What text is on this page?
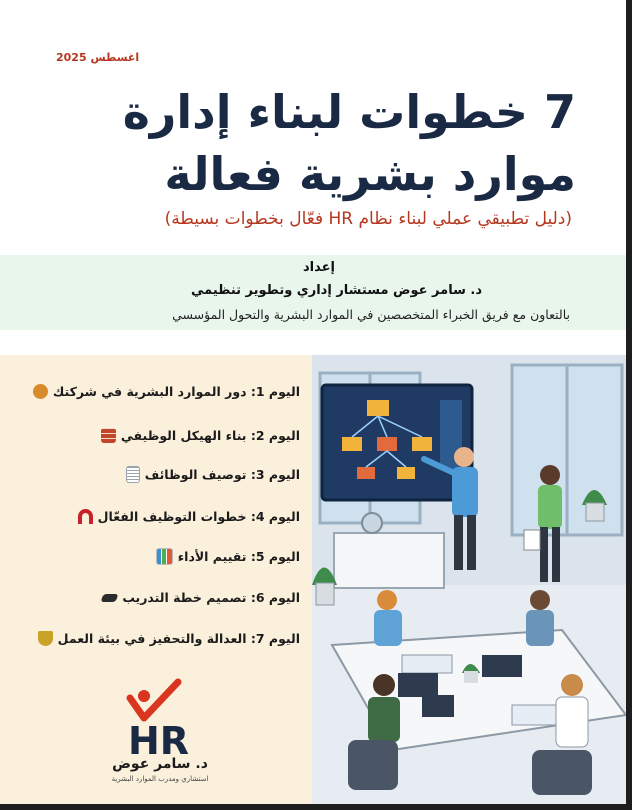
اغسطس 2025
7 خطوات لبناء إدارة
موارد بشرية فعالة
(دليل تطبيقي عملي لبناء نظام HR فعّال بخطوات بسيطة)
إعداد
د. سامر عوض مستشار إداري وتطوير تنظيمي
بالتعاون مع فريق الخبراء المتخصصين في الموارد البشرية والتحول المؤسسي
اليوم 1: دور الموارد البشرية في شركتك
اليوم 2: بناء الهيكل الوظيفي
اليوم 3: توصيف الوظائف
اليوم 4: خطوات التوظيف الفعّال
اليوم 5: تقييم الأداء
اليوم 6: تصميم خطة التدريب
اليوم 7: العدالة والتحفيز في بيئة العمل
HR
د. سامر عوض
استشاري ومدرب الموارد البشرية
